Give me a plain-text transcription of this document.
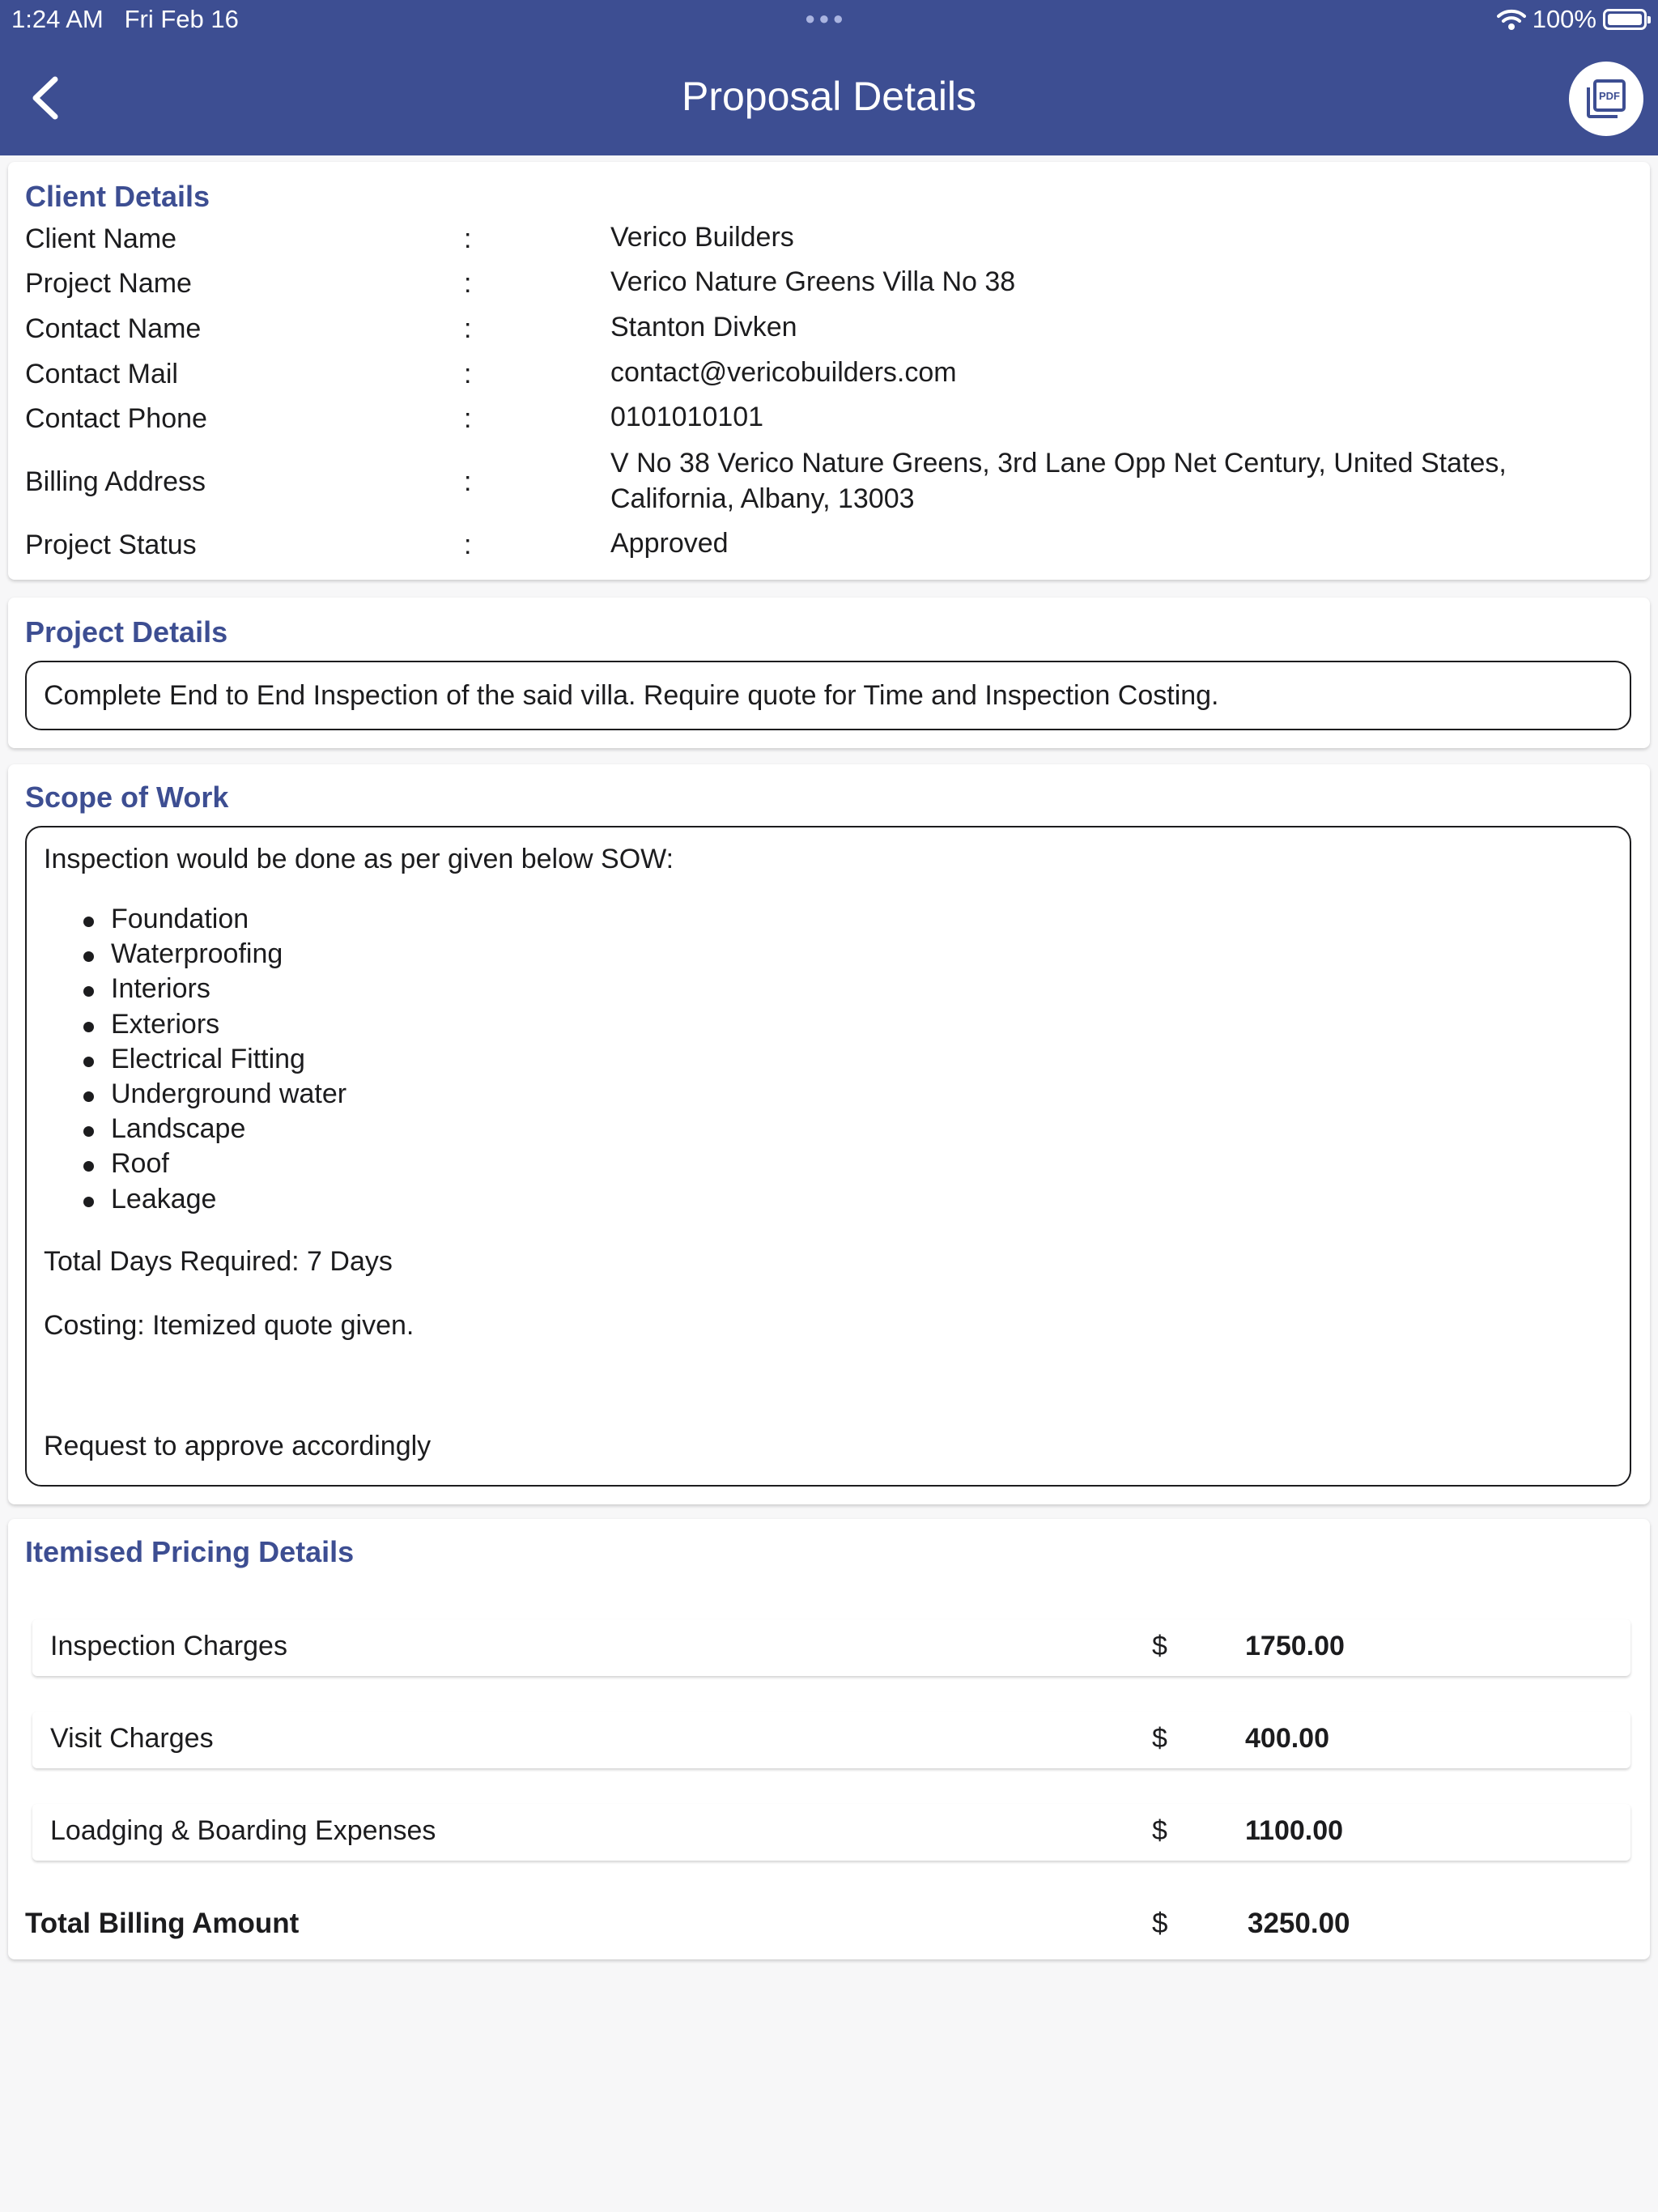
1:24 AM Fri Feb 16	●●●	100%
Proposal Details	PDF
Client Details
Client Name	:	Verico Builders
Project Name	:	Verico Nature Greens Villa No 38
Contact Name	:	Stanton Divken
Contact Mail	:	contact@vericobuilders.com
Contact Phone	:	0101010101
Billing Address	:
V No 38 Verico Nature Greens, 3rd Lane Opp Net Century, United States, California, Albany, 13003
Project Status	:	Approved
Project Details
Complete End to End Inspection of the said villa. Require quote for Time and Inspection Costing.
Scope of Work
Inspection would be done as per given below SOW:
Foundation
Waterproofing
Interiors
Exteriors
Electrical Fitting
Underground water
Landscape
Roof
Leakage
Total Days Required: 7 Days
Costing: Itemized quote given.
Request to approve accordingly
Itemised Pricing Details
Inspection Charges	$	1750.00
Visit Charges	$	400.00
Loadging & Boarding Expenses	$	1100.00
Total Billing Amount	$	3250.00
